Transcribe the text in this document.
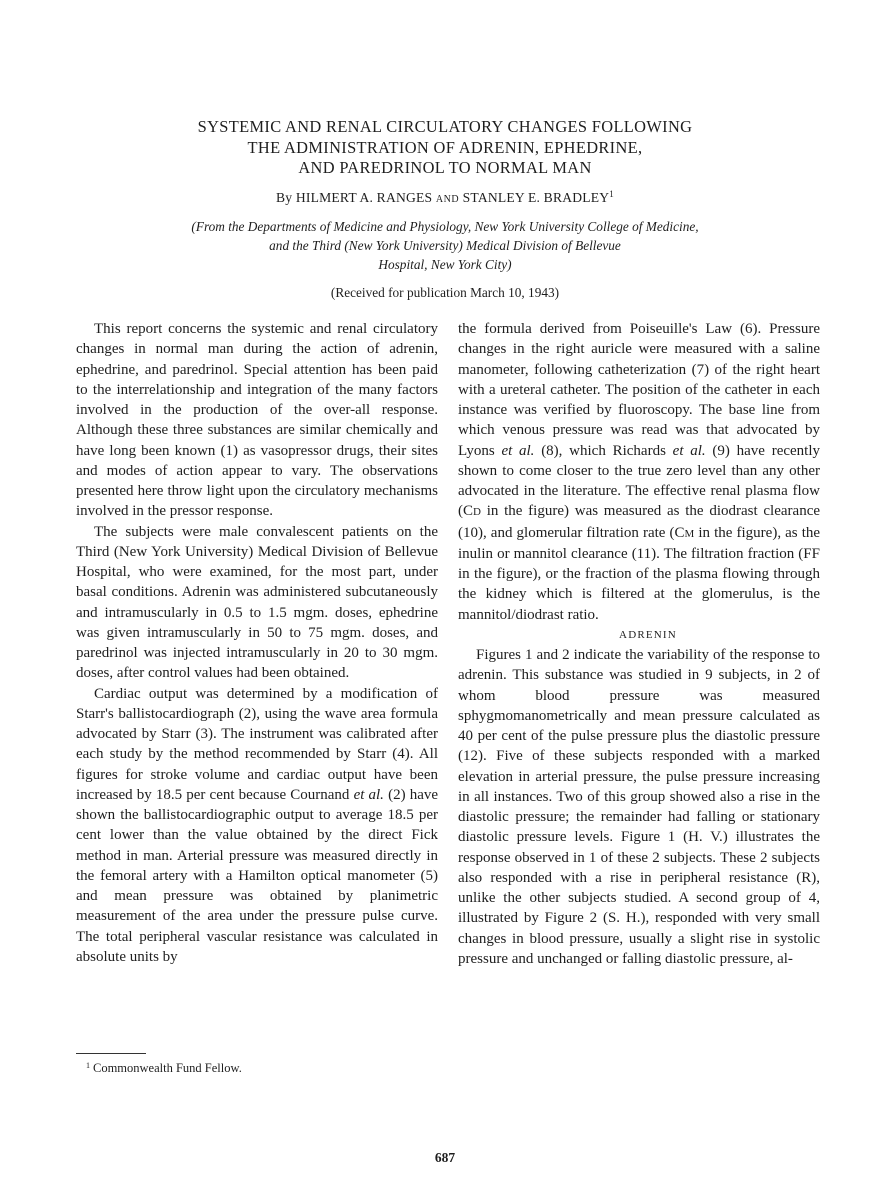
SYSTEMIC AND RENAL CIRCULATORY CHANGES FOLLOWING
THE ADMINISTRATION OF ADRENIN, EPHEDRINE,
AND PAREDRINOL TO NORMAL MAN

By HILMERT A. RANGES AND STANLEY E. BRADLEY$^1$

(From the Departments of Medicine and Physiology, New York University College of Medicine,
and the Third (New York University) Medical Division of Bellevue
Hospital, New York City)

(Received for publication March 10, 1943)

This report concerns the systemic and renal circulatory changes in normal man during the action of adrenin, ephedrine, and paredrinol. Special attention has been paid to the interrelationship and integration of the many factors involved in the production of the over-all response. Although these three substances are similar chemically and have long been known (1) as vasopressor drugs, their sites and modes of action appear to vary. The observations presented here throw light upon the circulatory mechanisms involved in the pressor response.

The subjects were male convalescent patients on the Third (New York University) Medical Division of Bellevue Hospital, who were examined, for the most part, under basal conditions. Adrenin was administered subcutaneously and intramuscularly in 0.5 to 1.5 mgm. doses, ephedrine was given intramuscularly in 50 to 75 mgm. doses, and paredrinol was injected intramuscularly in 20 to 30 mgm. doses, after control values had been obtained.

Cardiac output was determined by a modification of Starr's ballistocardiograph (2), using the wave area formula advocated by Starr (3). The instrument was calibrated after each study by the method recommended by Starr (4). All figures for stroke volume and cardiac output have been increased by 18.5 per cent because Cournand et al. (2) have shown the ballistocardiographic output to average 18.5 per cent lower than the value obtained by the direct Fick method in man. Arterial pressure was measured directly in the femoral artery with a Hamilton optical manometer (5) and mean pressure was obtained by planimetric measurement of the area under the pressure pulse curve. The total peripheral vascular resistance was calculated in absolute units by

the formula derived from Poiseuille's Law (6). Pressure changes in the right auricle were measured with a saline manometer, following catheterization (7) of the right heart with a ureteral catheter. The position of the catheter in each instance was verified by fluoroscopy. The base line from which venous pressure was read was that advocated by Lyons et al. (8), which Richards et al. (9) have recently shown to come closer to the true zero level than any other advocated in the literature. The effective renal plasma flow (CD in the figure) was measured as the diodrast clearance (10), and glomerular filtration rate (CM in the figure), as the inulin or mannitol clearance (11). The filtration fraction (FF in the figure), or the fraction of the plasma flowing through the kidney which is filtered at the glomerulus, is the mannitol/diodrast ratio.

ADRENIN

Figures 1 and 2 indicate the variability of the response to adrenin. This substance was studied in 9 subjects, in 2 of whom blood pressure was measured sphygmomanometrically and mean pressure calculated as 40 per cent of the pulse pressure plus the diastolic pressure (12). Five of these subjects responded with a marked elevation in arterial pressure, the pulse pressure increasing in all instances. Two of this group showed also a rise in the diastolic pressure; the remainder had falling or stationary diastolic pressure levels. Figure 1 (H. V.) illustrates the response observed in 1 of these 2 subjects. These 2 subjects also responded with a rise in peripheral resistance (R), unlike the other subjects studied. A second group of 4, illustrated by Figure 2 (S. H.), responded with very small changes in blood pressure, usually a slight rise in systolic pressure and unchanged or falling diastolic pressure, al-

$^1$ Commonwealth Fund Fellow.

687
